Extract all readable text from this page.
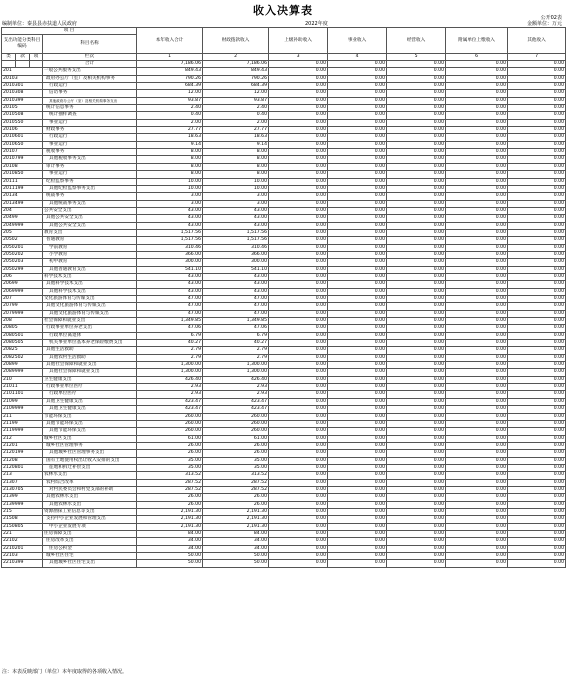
收入决算表
编制单位：秦县县赤扶道人民政府	2022年度
公开02表
金额单位：万元
项 目				本年收入合计	财政拨款收入	上级补助收入	事业收入	经营收入	附属单位上缴收入	其他收入
支出功能分类科目编码			科目名称							

类	款	项	栏次	1	2	3	4	5	6	7
			合计	7,186.06	7,186.06	0.00	0.00	0.00	0.00	0.00
201			一般公共服务支出	849.43	849.43	0.00	0.00	0.00	0.00	0.00
20103			政府办公厅（室）及相关机构事务	790.26	790.26	0.00	0.00	0.00	0.00	0.00
2010301			行政运行	684.39	684.39	0.00	0.00	0.00	0.00	0.00
2010308			信访事务	12.00	12.00	0.00	0.00	0.00	0.00	0.00
2010399			其他政府办公厅（室）及相关机构事务支出	93.87	93.87	0.00	0.00	0.00	0.00	0.00
20105			统计信息事务	2.40	2.40	0.00	0.00	0.00	0.00	0.00
2010508			统计抽样调查	0.40	0.40	0.00	0.00	0.00	0.00	0.00
2010550			事业运行	2.00	2.00	0.00	0.00	0.00	0.00	0.00
20106			财政事务	27.77	27.77	0.00	0.00	0.00	0.00	0.00
2010601			行政运行	18.63	18.63	0.00	0.00	0.00	0.00	0.00
2010650			事业运行	9.14	9.14	0.00	0.00	0.00	0.00	0.00
20107			税收事务	8.00	8.00	0.00	0.00	0.00	0.00	0.00
2010799			其他税收事务支出	8.00	8.00	0.00	0.00	0.00	0.00	0.00
20108			审计事务	8.00	8.00	0.00	0.00	0.00	0.00	0.00
2010850			事业运行	8.00	8.00	0.00	0.00	0.00	0.00	0.00
20111			纪检监察事务	10.00	10.00	0.00	0.00	0.00	0.00	0.00
2011199			其他纪检监察事务支出	10.00	10.00	0.00	0.00	0.00	0.00	0.00
20134			统战事务	3.00	3.00	0.00	0.00	0.00	0.00	0.00
2013499			其他统战事务支出	3.00	3.00	0.00	0.00	0.00	0.00	0.00
204			公共安全支出	43.00	43.00	0.00	0.00	0.00	0.00	0.00
20499			其他公共安全支出	43.00	43.00	0.00	0.00	0.00	0.00	0.00
2049999			其他公共安全支出	43.00	43.00	0.00	0.00	0.00	0.00	0.00
205			教育支出	1,517.56	1,517.56	0.00	0.00	0.00	0.00	0.00
20502			普通教育	1,517.56	1,517.56	0.00	0.00	0.00	0.00	0.00
2050201			学前教育	310.46	310.46	0.00	0.00	0.00	0.00	0.00
2050202			小学教育	366.00	366.00	0.00	0.00	0.00	0.00	0.00
2050203			初中教育	300.00	300.00	0.00	0.00	0.00	0.00	0.00
2050299			其他普通教育支出	541.10	541.10	0.00	0.00	0.00	0.00	0.00
206			科学技术支出	43.00	43.00	0.00	0.00	0.00	0.00	0.00
20699			其他科学技术支出	43.00	43.00	0.00	0.00	0.00	0.00	0.00
2069999			其他科学技术支出	43.00	43.00	0.00	0.00	0.00	0.00	0.00
207			文化旅游体育与传媒支出	47.00	47.00	0.00	0.00	0.00	0.00	0.00
20799			其他文化旅游体育与传媒支出	47.00	47.00	0.00	0.00	0.00	0.00	0.00
2079999			其他文化旅游体育与传媒支出	47.00	47.00	0.00	0.00	0.00	0.00	0.00
208			社会保障和就业支出	1,349.85	1,349.85	0.00	0.00	0.00	0.00	0.00
20805			行政事业单位养老支出	47.06	47.06	0.00	0.00	0.00	0.00	0.00
2080501			行政单位离退休	6.79	6.79	0.00	0.00	0.00	0.00	0.00
2080505			机关事业单位基本养老保险缴费支出	40.27	40.27	0.00	0.00	0.00	0.00	0.00
20825			其他生活救助	2.79	2.79	0.00	0.00	0.00	0.00	0.00
2082502			其他农村生活救助	2.79	2.79	0.00	0.00	0.00	0.00	0.00
20899			其他社会保障和就业支出	1,300.00	1,300.00	0.00	0.00	0.00	0.00	0.00
2089999			其他社会保障和就业支出	1,300.00	1,300.00	0.00	0.00	0.00	0.00	0.00
210			卫生健康支出	426.40	426.40	0.00	0.00	0.00	0.00	0.00
21011			行政事业单位医疗	2.93	2.93	0.00	0.00	0.00	0.00	0.00
2101101			行政单位医疗	2.93	2.93	0.00	0.00	0.00	0.00	0.00
21099			其他卫生健康支出	423.47	423.47	0.00	0.00	0.00	0.00	0.00
2109999			其他卫生健康支出	423.47	423.47	0.00	0.00	0.00	0.00	0.00
211			节能环保支出	260.00	260.00	0.00	0.00	0.00	0.00	0.00
21199			其他节能环保支出	260.00	260.00	0.00	0.00	0.00	0.00	0.00
2119999			其他节能环保支出	260.00	260.00	0.00	0.00	0.00	0.00	0.00
212			城乡社区支出	61.00	61.00	0.00	0.00	0.00	0.00	0.00
21201			城乡社区管理事务	26.00	26.00	0.00	0.00	0.00	0.00	0.00
2120199			其他城乡社区管理事务支出	26.00	26.00	0.00	0.00	0.00	0.00	0.00
21208			国有土地使用权出让收入安排的支出	35.00	35.00	0.00	0.00	0.00	0.00	0.00
2120801			征地和拆迁补偿支出	35.00	35.00	0.00	0.00	0.00	0.00	0.00
213			农林水支出	313.52	313.52	0.00	0.00	0.00	0.00	0.00
21307			农村综合改革	287.52	287.52	0.00	0.00	0.00	0.00	0.00
2130705			对村民委员会和村党支部的补助	287.52	287.52	0.00	0.00	0.00	0.00	0.00
21399			其他农林水支出	26.00	26.00	0.00	0.00	0.00	0.00	0.00
2139999			其他农林水支出	26.00	26.00	0.00	0.00	0.00	0.00	0.00
215			资源勘探工业信息等支出	2,191.30	2,191.30	0.00	0.00	0.00	0.00	0.00
21508			支持中小企业发展和管理支出	2,191.30	2,191.30	0.00	0.00	0.00	0.00	0.00
2150805			中小企业发展专项	2,191.30	2,191.30	0.00	0.00	0.00	0.00	0.00
221			住房保障支出	84.00	84.00	0.00	0.00	0.00	0.00	0.00
22102			住房改革支出	34.00	34.00	0.00	0.00	0.00	0.00	0.00
2210201			住房公积金	34.00	34.00	0.00	0.00	0.00	0.00	0.00
22103			城乡社区住宅	50.00	50.00	0.00	0.00	0.00	0.00	0.00
2210399			其他城乡社区住宅支出	50.00	50.00	0.00	0.00	0.00	0.00	0.00
注：本表反映部门（单位）本年度取得的各项收入情况。
